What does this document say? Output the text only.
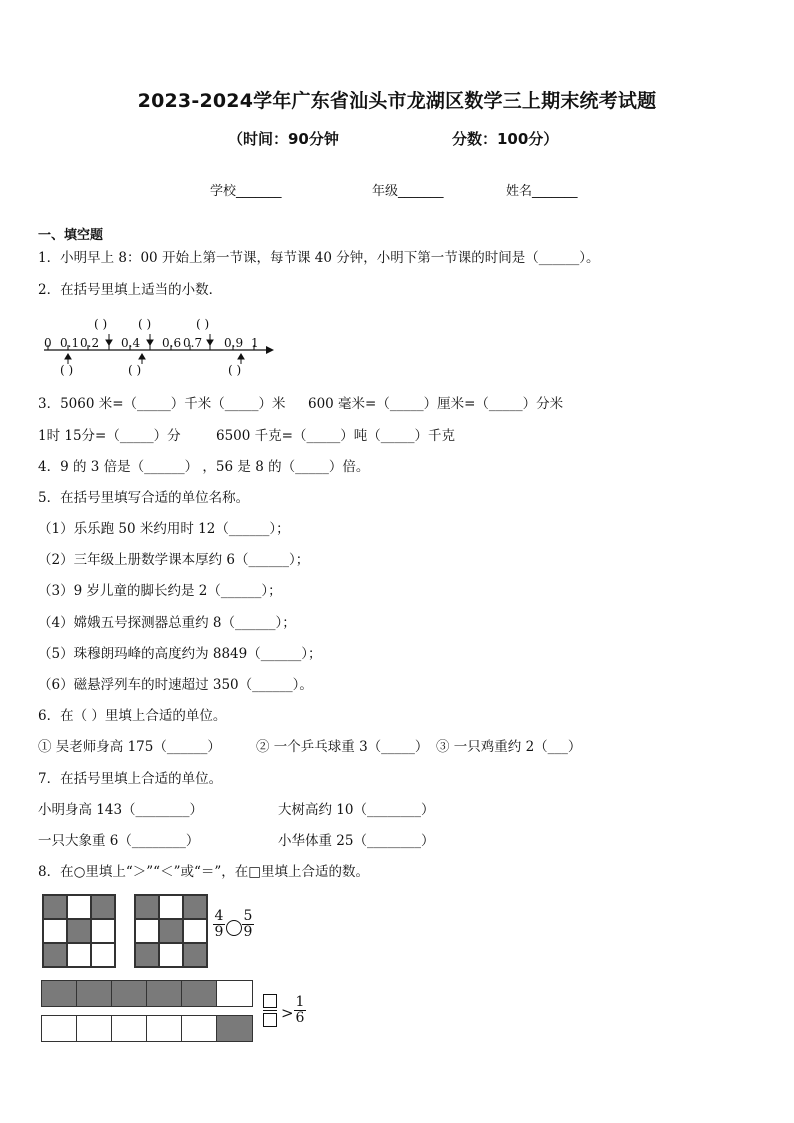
2023-2024学年广东省汕头市龙湖区数学三上期末统考试题
（时间：90分钟	分数：100分）
学校_______	年级_______	姓名_______
一、填空题
1．小明早上 8：00 开始上第一节课，每节课 40 分钟，小明下第一节课的时间是（______）。
2．在括号里填上适当的小数．
0 0.1 0.2 0.4 0.6 0.7 0.9 1
( )	( )	( )
( )	( )	( )
3．5060 米=（_____）千米（_____）米 600 毫米=（_____）厘米=（_____）分米
1时 15分=（_____）分	6500 千克=（_____）吨（_____）千克
4．9 的 3 倍是（______） ，56 是 8 的（_____）倍。
5．在括号里填写合适的单位名称。
（1）乐乐跑 50 米约用时 12（______）；
（2）三年级上册数学课本厚约 6（______）；
（3）9 岁儿童的脚长约是 2（______）；
（4）嫦娥五号探测器总重约 8（______）；
（5）珠穆朗玛峰的高度约为 8849（______）；
（6）磁悬浮列车的时速超过 350（______）。
6．在（ ）里填上合适的单位。
① 吴老师身高 175（______）	② 一个乒乓球重 3（_____） ③ 一只鸡重约 2（___）
7．在括号里填上合适的单位。
小明身高 143（________）	大树高约 10（________）
一只大象重 6（________）	小华体重 25（________）
8．在○里填上“＞”“＜”或“＝”，在□里填上合适的数。
4
9
5
9
>
1
6
